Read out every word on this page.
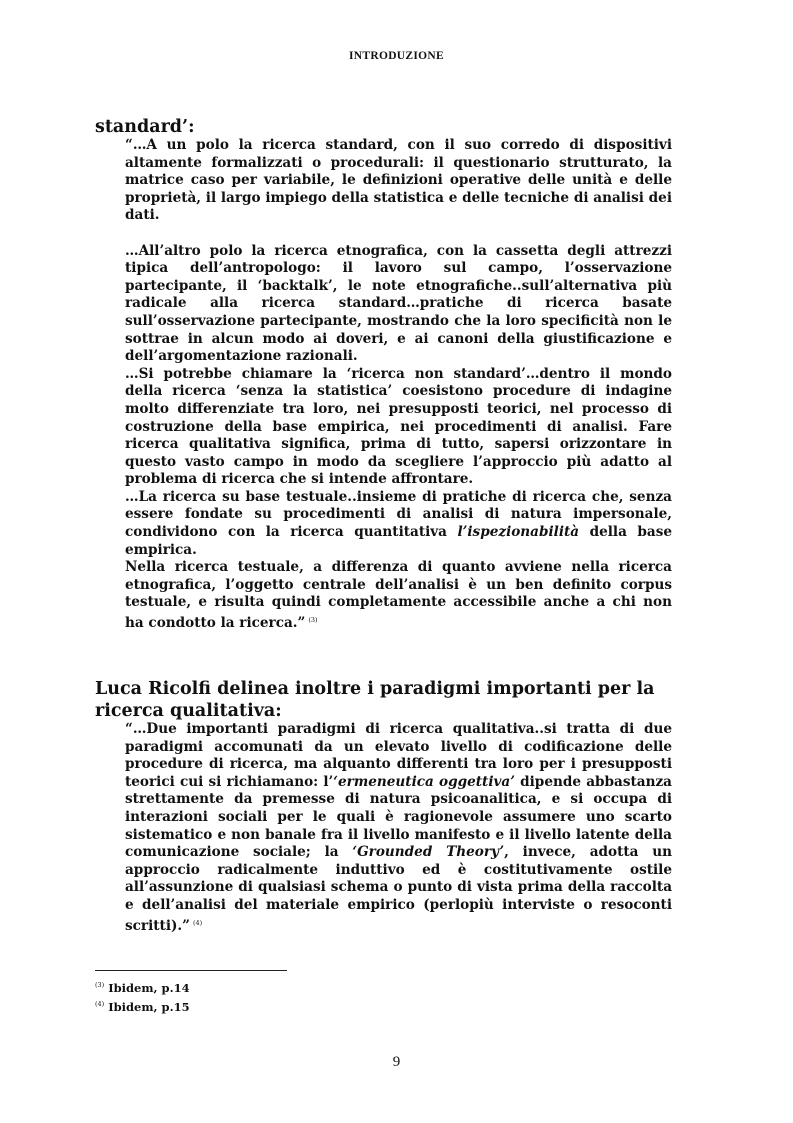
INTRODUZIONE
standard’:

“…A un polo la ricerca standard, con il suo corredo di dispositivi altamente formalizzati o procedurali: il questionario strutturato, la matrice caso per variabile, le definizioni operative delle unità e delle proprietà, il largo impiego della statistica e delle tecniche di analisi dei dati.

…All’altro polo la ricerca etnografica, con la cassetta degli attrezzi tipica dell’antropologo: il lavoro sul campo, l’osservazione partecipante, il ‘backtalk’, le note etnografiche..sull’alternativa più radicale alla ricerca standard…pratiche di ricerca basate sull’osservazione partecipante, mostrando che la loro specificità non le sottrae in alcun modo ai doveri, e ai canoni della giustificazione e dell’argomentazione razionali.

…Si potrebbe chiamare la ‘ricerca non standard’…dentro il mondo della ricerca ‘senza la statistica’ coesistono procedure di indagine molto differenziate tra loro, nei presupposti teorici, nel processo di costruzione della base empirica, nei procedimenti di analisi. Fare ricerca qualitativa significa, prima di tutto, sapersi orizzontare in questo vasto campo in modo da scegliere l’approccio più adatto al problema di ricerca che si intende affrontare.

…La ricerca su base testuale..insieme di pratiche di ricerca che, senza essere fondate su procedimenti di analisi di natura impersonale, condividono con la ricerca quantitativa l’ispezionabilità della base empirica.

Nella ricerca testuale, a differenza di quanto avviene nella ricerca etnografica, l’oggetto centrale dell’analisi è un ben definito corpus testuale, e risulta quindi completamente accessibile anche a chi non ha condotto la ricerca.” $^{(3)}$

Luca Ricolfi delinea inoltre i paradigmi importanti per la ricerca qualitativa:

“…Due importanti paradigmi di ricerca qualitativa..si tratta di due paradigmi accomunati da un elevato livello di codificazione delle procedure di ricerca, ma alquanto differenti tra loro per i presupposti teorici cui si richiamano: l’‘ermeneutica oggettiva’ dipende abbastanza strettamente da premesse di natura psicoanalitica, e si occupa di interazioni sociali per le quali è ragionevole assumere uno scarto sistematico e non banale fra il livello manifesto e il livello latente della comunicazione sociale; la ‘Grounded Theory’, invece, adotta un approccio radicalmente induttivo ed è costitutivamente ostile all’assunzione di qualsiasi schema o punto di vista prima della raccolta e dell’analisi del materiale empirico (perlopiù interviste o resoconti scritti).” $^{(4)}$

$^{(3)}$ Ibidem, p.14
$^{(4)}$ Ibidem, p.15
9
